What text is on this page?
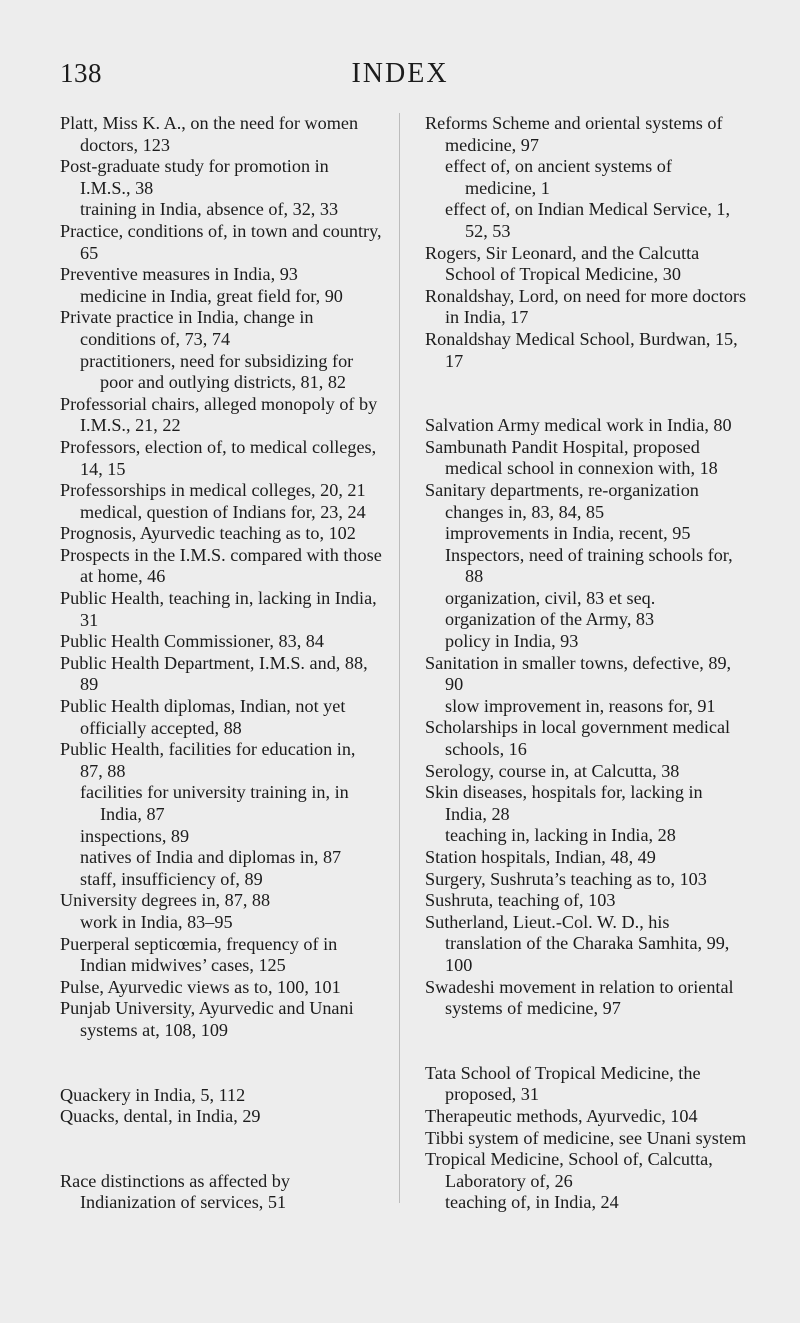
138	INDEX

Platt, Miss K. A., on the need for women doctors, 123

Post-graduate study for promotion in I.M.S., 38

training in India, absence of, 32, 33

Practice, conditions of, in town and country, 65

Preventive measures in India, 93

medicine in India, great field for, 90

Private practice in India, change in conditions of, 73, 74

practitioners, need for subsidizing for poor and outlying districts, 81, 82

Professorial chairs, alleged monopoly of by I.M.S., 21, 22

Professors, election of, to medical colleges, 14, 15

Professorships in medical colleges, 20, 21

medical, question of Indians for, 23, 24

Prognosis, Ayurvedic teaching as to, 102

Prospects in the I.M.S. compared with those at home, 46

Public Health, teaching in, lacking in India, 31

Public Health Commissioner, 83, 84

Public Health Department, I.M.S. and, 88, 89

Public Health diplomas, Indian, not yet officially accepted, 88

Public Health, facilities for education in, 87, 88

facilities for university training in, in India, 87

inspections, 89

natives of India and diplomas in, 87

staff, insufficiency of, 89

University degrees in, 87, 88

work in India, 83–95

Puerperal septicœmia, frequency of in Indian midwives’ cases, 125

Pulse, Ayurvedic views as to, 100, 101

Punjab University, Ayurvedic and Unani systems at, 108, 109

Quackery in India, 5, 112

Quacks, dental, in India, 29

Race distinctions as affected by Indianization of services, 51

Reforms Scheme and oriental systems of medicine, 97

effect of, on ancient systems of medicine, 1

effect of, on Indian Medical Service, 1, 52, 53

Rogers, Sir Leonard, and the Calcutta School of Tropical Medicine, 30

Ronaldshay, Lord, on need for more doctors in India, 17

Ronaldshay Medical School, Burdwan, 15, 17

Salvation Army medical work in India, 80

Sambunath Pandit Hospital, proposed medical school in connexion with, 18

Sanitary departments, re-organization changes in, 83, 84, 85

improvements in India, recent, 95

Inspectors, need of training schools for, 88

organization, civil, 83 et seq.

organization of the Army, 83

policy in India, 93

Sanitation in smaller towns, defective, 89, 90

slow improvement in, reasons for, 91

Scholarships in local government medical schools, 16

Serology, course in, at Calcutta, 38

Skin diseases, hospitals for, lacking in India, 28

teaching in, lacking in India, 28

Station hospitals, Indian, 48, 49

Surgery, Sushruta’s teaching as to, 103

Sushruta, teaching of, 103

Sutherland, Lieut.-Col. W. D., his translation of the Charaka Samhita, 99, 100

Swadeshi movement in relation to oriental systems of medicine, 97

Tata School of Tropical Medicine, the proposed, 31

Therapeutic methods, Ayurvedic, 104

Tibbi system of medicine, see Unani system

Tropical Medicine, School of, Calcutta, Laboratory of, 26

teaching of, in India, 24
